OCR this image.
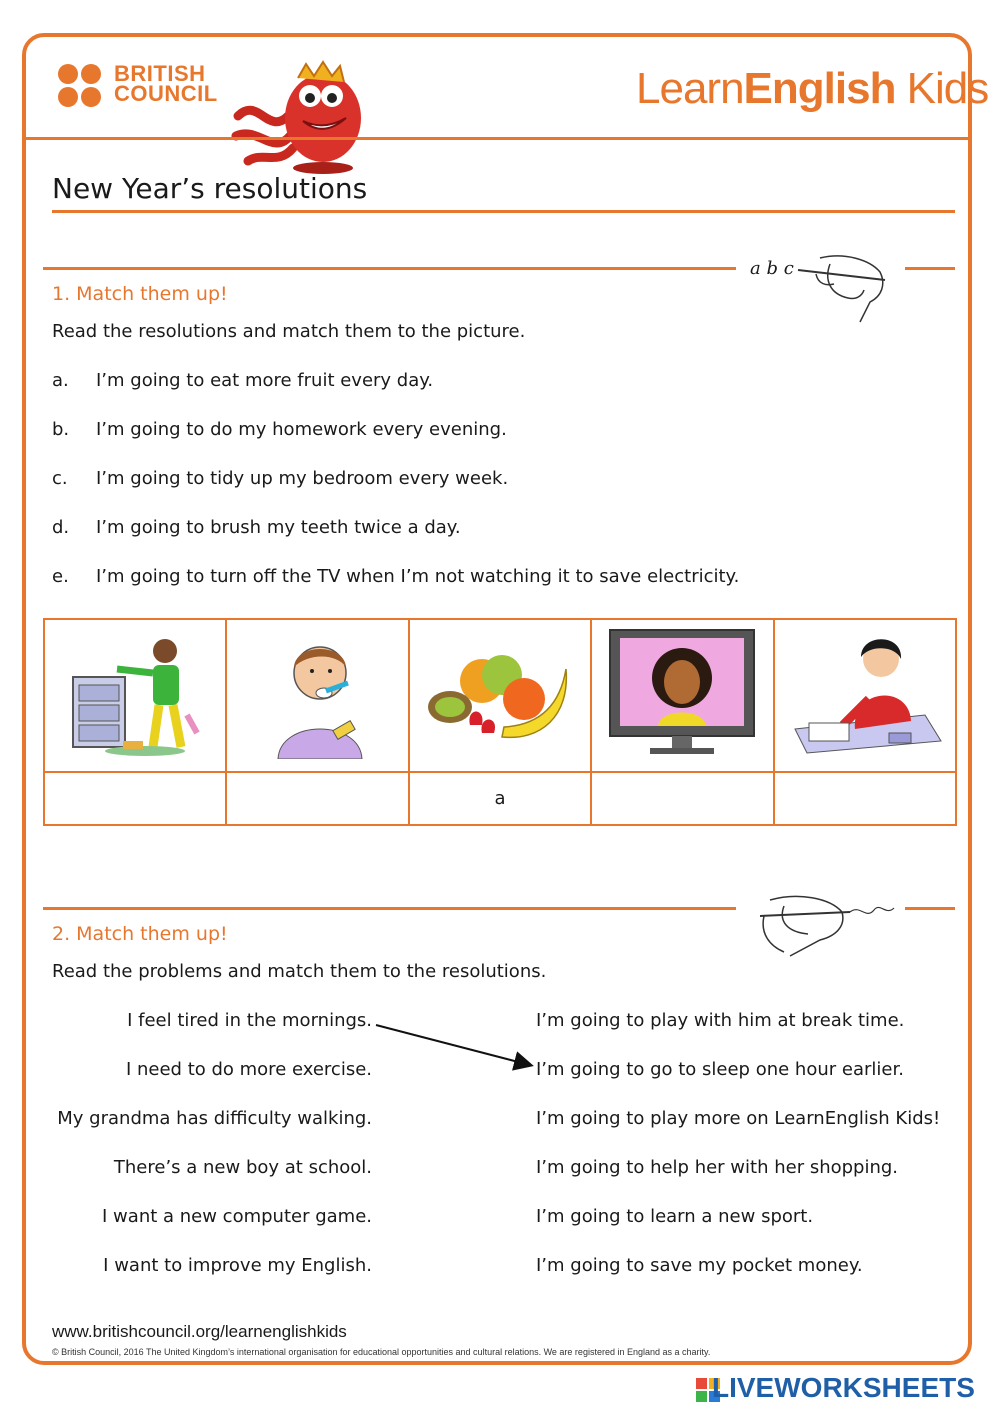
BRITISH
COUNCIL	LearnEnglish Kids
New Year’s resolutions
a b c
1. Match them up!
Read the resolutions and match them to the picture.
a. I’m going to eat more fruit every day.
b. I’m going to do my homework every evening.
c. I’m going to tidy up my bedroom every week.
d. I’m going to brush my teeth twice a day.
e. I’m going to turn off the TV when I’m not watching it to save electricity.

		a		
2. Match them up!
Read the problems and match them to the resolutions.
I feel tired in the mornings.
I need to do more exercise.
My grandma has difficulty walking.
There’s a new boy at school.
I want a new computer game.
I want to improve my English.
I’m going to play with him at break time.
I’m going to go to sleep one hour earlier.
I’m going to play more on LearnEnglish Kids!
I’m going to help her with her shopping.
I’m going to learn a new sport.
I’m going to save my pocket money.
www.britishcouncil.org/learnenglishkids
© British Council, 2016 The United Kingdom’s international organisation for educational opportunities and cultural relations. We are registered in England as a charity.
LIVEWORKSHEETS
